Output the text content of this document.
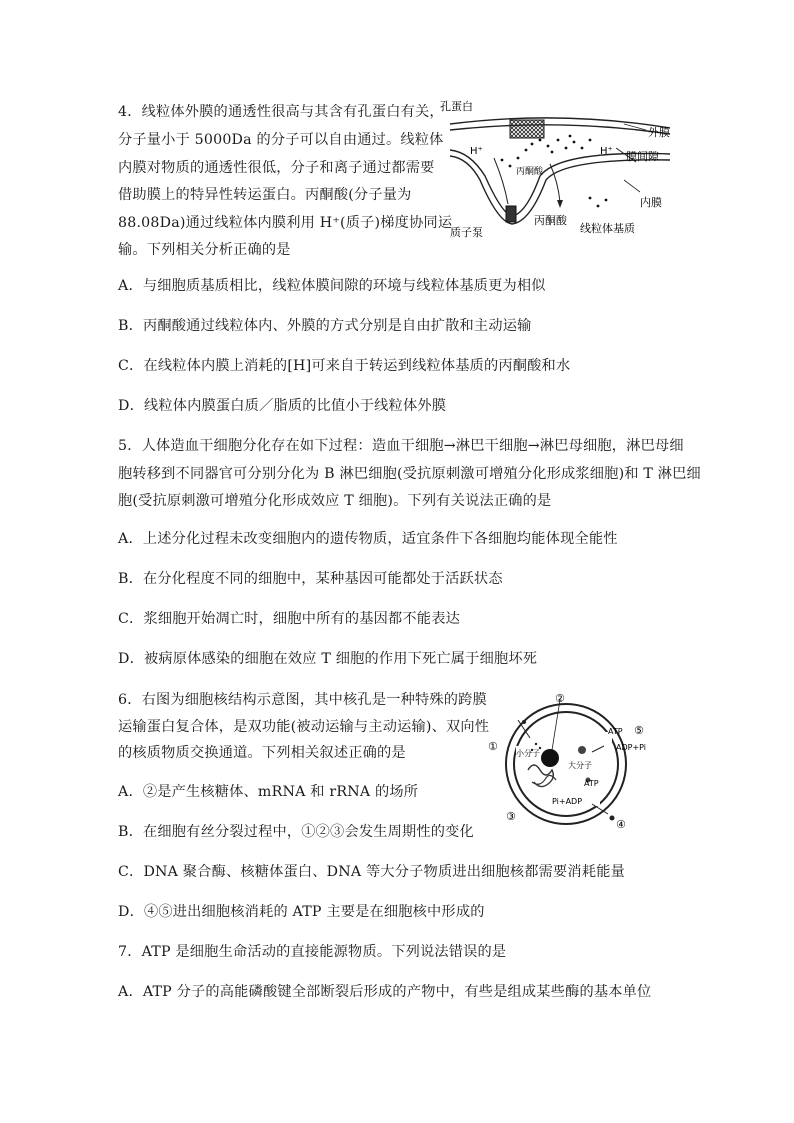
4．线粒体外膜的通透性很高与其含有孔蛋白有关，
分子量小于 5000Da 的分子可以自由通过。线粒体
内膜对物质的通透性很低，分子和离子通过都需要
借助膜上的特异性转运蛋白。丙酮酸(分子量为
88.08Da)通过线粒体内膜利用 H⁺(质子)梯度协同运
输。下列相关分析正确的是
A．与细胞质基质相比，线粒体膜间隙的环境与线粒体基质更为相似
B．丙酮酸通过线粒体内、外膜的方式分别是自由扩散和主动运输
C．在线粒体内膜上消耗的[H]可来自于转运到线粒体基质的丙酮酸和水
D．线粒体内膜蛋白质／脂质的比值小于线粒体外膜
孔蛋白
外膜
膜间隙
H⁺	H⁺
丙酮酸
内膜
质子泵
丙酮酸
线粒体基质
5．人体造血干细胞分化存在如下过程：造血干细胞→淋巴干细胞→淋巴母细胞，淋巴母细
胞转移到不同器官可分别分化为 B 淋巴细胞(受抗原刺激可增殖分化形成浆细胞)和 T 淋巴细
胞(受抗原刺激可增殖分化形成效应 T 细胞)。下列有关说法正确的是
A．上述分化过程未改变细胞内的遗传物质，适宜条件下各细胞均能体现全能性
B．在分化程度不同的细胞中，某种基因可能都处于活跃状态
C．浆细胞开始凋亡时，细胞中所有的基因都不能表达
D．被病原体感染的细胞在效应 T 细胞的作用下死亡属于细胞坏死
6．右图为细胞核结构示意图，其中核孔是一种特殊的跨膜
运输蛋白复合体，是双功能(被动运输与主动运输)、双向性
的核质物质交换通道。下列相关叙述正确的是
A．②是产生核糖体、mRNA 和 rRNA 的场所
B．在细胞有丝分裂过程中，①②③会发生周期性的变化
C．DNA 聚合酶、核糖体蛋白、DNA 等大分子物质进出细胞核都需要消耗能量
D．④⑤进出细胞核消耗的 ATP 主要是在细胞核中形成的
②
①
③
④
⑤
小分子
大分子
ATP
ADP+Pi
ATP
Pi+ADP
7．ATP 是细胞生命活动的直接能源物质。下列说法错误的是
A．ATP 分子的高能磷酸键全部断裂后形成的产物中，有些是组成某些酶的基本单位
